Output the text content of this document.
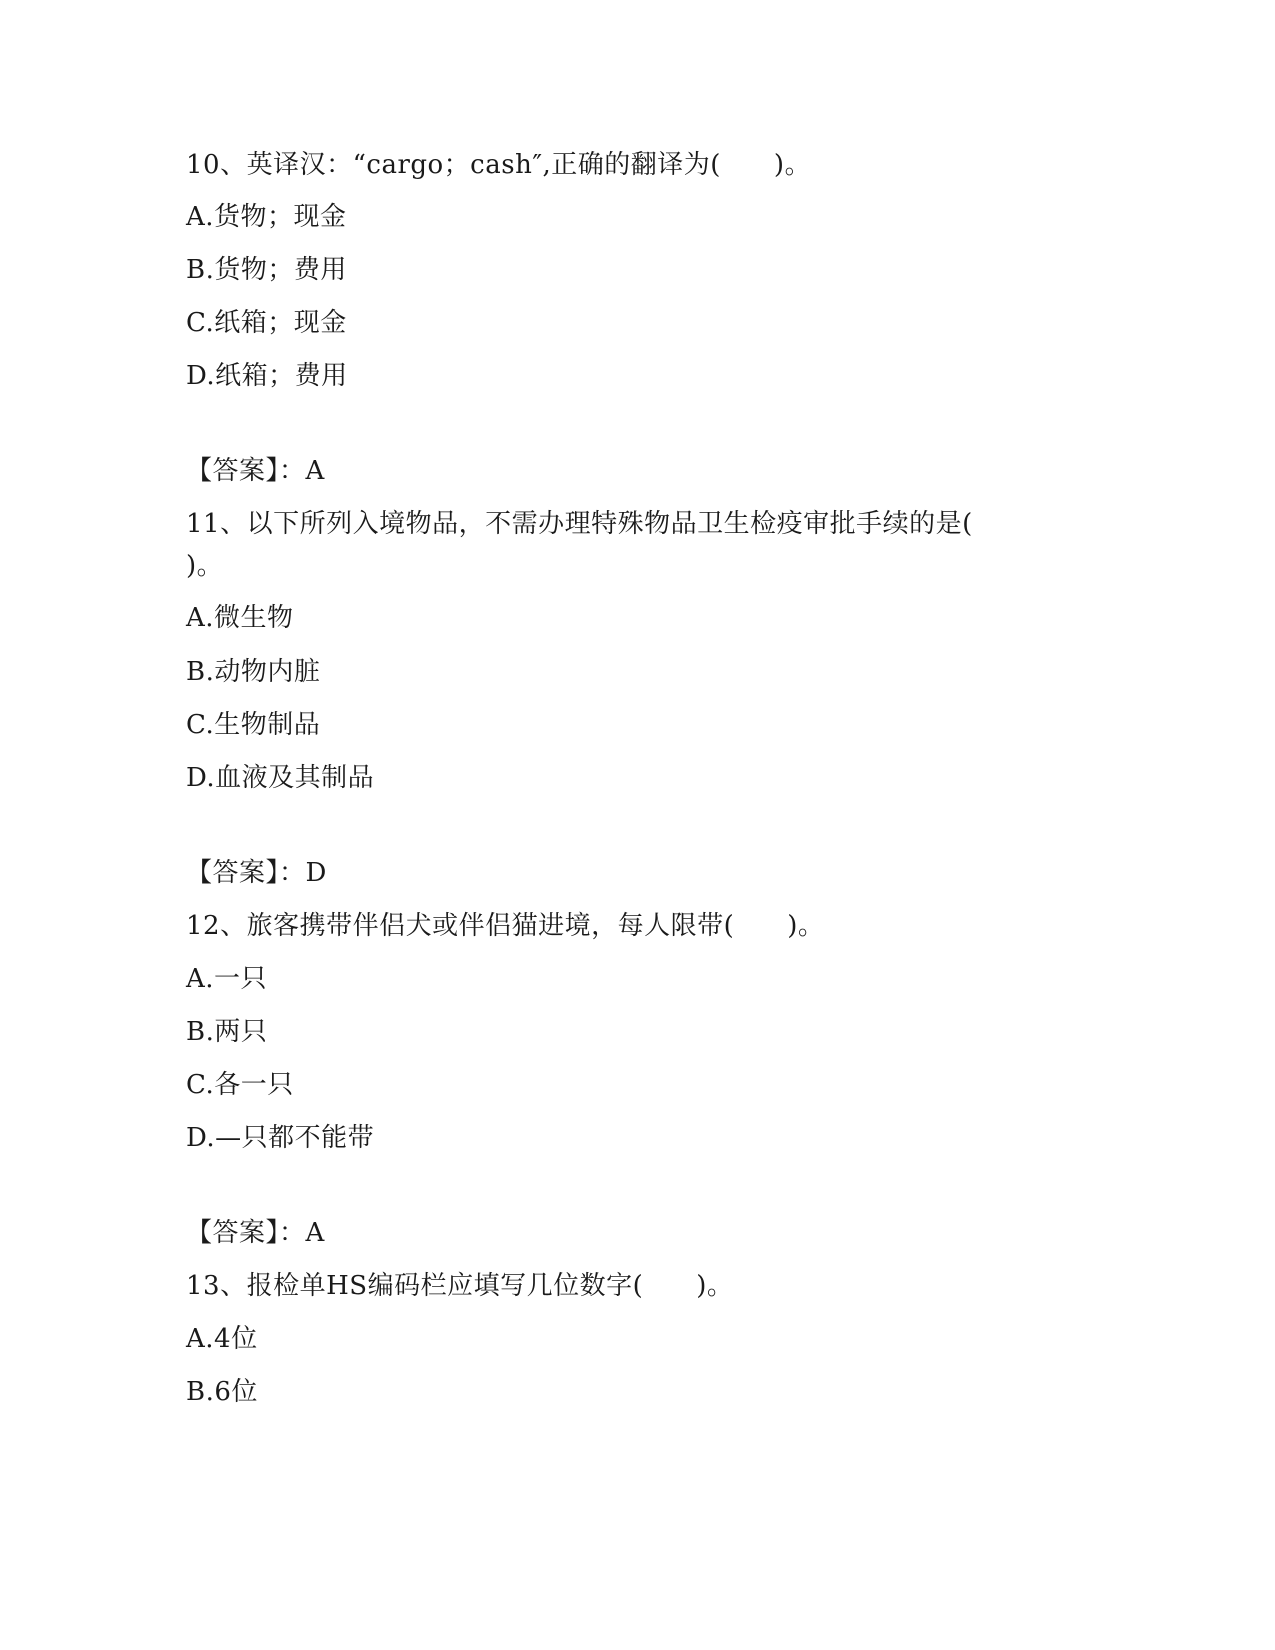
10、英译汉：“cargo；cash″,正确的翻译为(　　)。
A.货物；现金
B.货物；费用
C.纸箱；现金
D.纸箱；费用
【答案】：A
11、以下所列入境物品，不需办理特殊物品卫生检疫审批手续的是(
)。
A.微生物
B.动物内脏
C.生物制品
D.血液及其制品
【答案】：D
12、旅客携带伴侣犬或伴侣猫进境，每人限带(　　)。
A.一只
B.两只
C.各一只
D.—只都不能带
【答案】：A
13、报检单HS编码栏应填写几位数字(　　)。
A.4位
B.6位
